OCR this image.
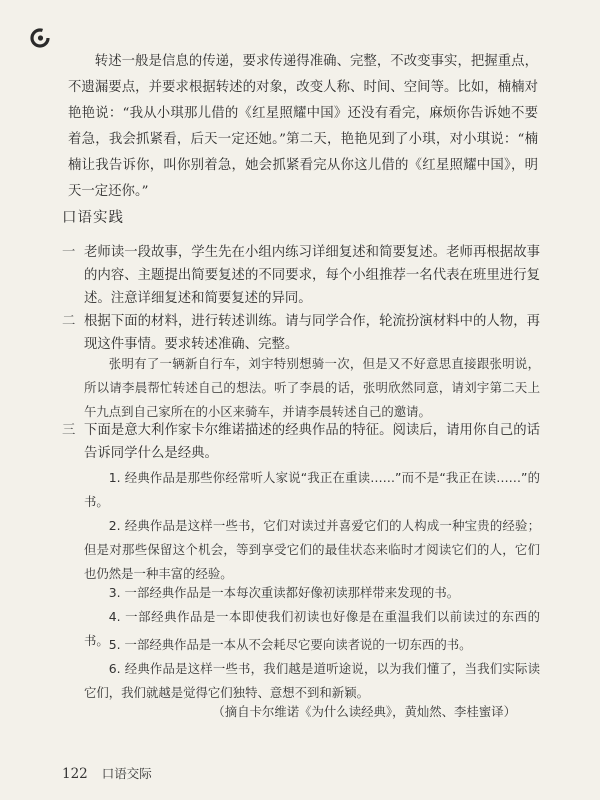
转述一般是信息的传递，要求传递得准确、完整，不改变事实，把握重点，不遗漏要点，并要求根据转述的对象，改变人称、时间、空间等。比如，楠楠对艳艳说：“我从小琪那儿借的《红星照耀中国》还没有看完，麻烦你告诉她不要着急，我会抓紧看，后天一定还她。”第二天，艳艳见到了小琪，对小琪说：“楠楠让我告诉你，叫你别着急，她会抓紧看完从你这儿借的《红星照耀中国》，明天一定还你。”

口语实践
一 老师读一段故事，学生先在小组内练习详细复述和简要复述。老师再根据故事的内容、主题提出简要复述的不同要求，每个小组推荐一名代表在班里进行复述。注意详细复述和简要复述的异同。
二 根据下面的材料，进行转述训练。请与同学合作，轮流扮演材料中的人物，再现这件事情。要求转述准确、完整。

张明有了一辆新自行车，刘宇特别想骑一次，但是又不好意思直接跟张明说，所以请李晨帮忙转述自己的想法。听了李晨的话，张明欣然同意，请刘宇第二天上午九点到自己家所在的小区来骑车，并请李晨转述自己的邀请。

三 下面是意大利作家卡尔维诺描述的经典作品的特征。阅读后，请用你自己的话告诉同学什么是经典。

1. 经典作品是那些你经常听人家说“我正在重读……”而不是“我正在读……”的书。

2. 经典作品是这样一些书，它们对读过并喜爱它们的人构成一种宝贵的经验；但是对那些保留这个机会，等到享受它们的最佳状态来临时才阅读它们的人，它们也仍然是一种丰富的经验。

3. 一部经典作品是一本每次重读都好像初读那样带来发现的书。

4. 一部经典作品是一本即使我们初读也好像是在重温我们以前读过的东西的书。 5. 一部经典作品是一本从不会耗尽它要向读者说的一切东西的书。

6. 经典作品是这样一些书，我们越是道听途说，以为我们懂了，当我们实际读它们，我们就越是觉得它们独特、意想不到和新颖。

（摘自卡尔维诺《为什么读经典》，黄灿然、李桂蜜译）

122 口语交际
